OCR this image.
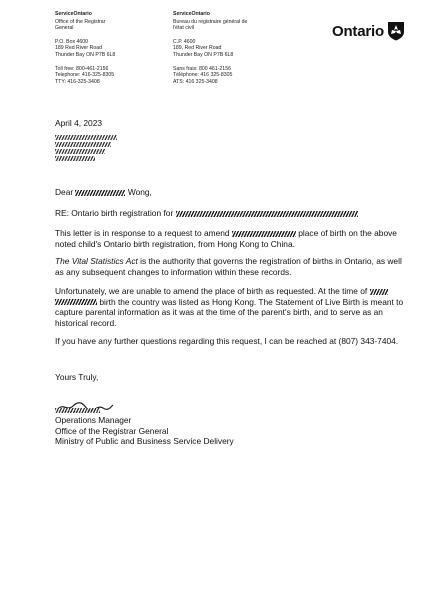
ServiceOntario
Office of the Registrar
General
P.O. Box 4600
189 Red River Road
Thunder Bay ON P7B 6L8
Toll free: 800-461-2156
Telephone: 416-325-8305
TTY: 416-325-3408
ServiceOntario
Bureau du registraire général de
l'état civil
C.P. 4600
189, Red River Road
Thunder Bay ON P7B 6L8
Sans frais: 800 461-2156
Téléphone: 416 325-8305
ATS: 416 325-3408
Ontario
April 4, 2023
Dear	Wong,
RE: Ontario birth registration for
This letter is in response to a request to amend	place of birth on the above noted child's Ontario birth registration, from Hong Kong to China.
The Vital Statistics Act is the authority that governs the registration of births in Ontario, as well as any subsequent changes to information within these records.
Unfortunately, we are unable to amend the place of birth as requested. At the time of   birth the country was listed as Hong Kong. The Statement of Live Birth is meant to capture parental information as it was at the time of the parent's birth, and to serve as an historical record.
If you have any further questions regarding this request, I can be reached at (807) 343-7404.
Yours Truly,
Operations Manager
Office of the Registrar General
Ministry of Public and Business Service Delivery
